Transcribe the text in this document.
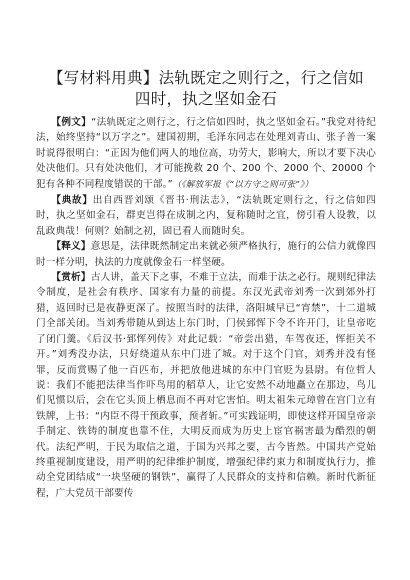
【写材料用典】法轨既定之则行之，行之信如
四时，执之坚如金石

【例文】“法轨既定之则行之，行之信如四时，执之坚如金石。”我党对待纪法，始终坚持“以万字之”。建国初期，毛泽东同志在处理刘青山、张子善一案时说得很明白：“正因为他们两人的地位高，功劳大，影响大，所以才要下决心处决他们。只有处决他们，才可能挽救 20 个、200 个、2000 个、20000 个犯有各种不同程度错误的干部。”（《解放军报《“以方守之则可张”》）

【典故】出自西晋刘颂《晋书·刑法志》，“法轨既定则行之，行之信如四时，执之坚如金石，群吏岂得在成制之内，复称随时之宜，傍引看人设教，以乱政典哉！何则？始制之初，固已看人而随时矣。

【释义】意思是，法律既然制定出来就必须严格执行，施行的公信力就像四时一样分明，执法的力度就像金石一样坚硬。

【赏析】古人讲，盖天下之事，不难于立法，而难于法之必行。规则纪律法令制度，是社会有秩序、国家有力量的前提。东汉光武帝刘秀一次到郊外打猎，返回时已是夜静更深了。按照当时的法律，洛阳城早已“宵禁”，十二道城门全部关闭。当刘秀带随从到达上东门时，门侯郅恽下令不许开门，让皇帝吃了闭门羹。《后汉书·郅恽列传》对此记载：“帝尝出猎，车驾夜还，恽拒关不开。”刘秀没办法，只好绕道从东中门进了城。对于这个门官，刘秀并没有怪罪，反而赏赐了他一百匹布，并把放他进城的东中门官贬为县尉。有位哲人说：我们不能把法律当作吓鸟用的稻草人，让它安然不动地矗立在那边，鸟儿们见惯以后，会在它头顶上栖息而不再对它害怕。明太祖朱元璋曾在宫门立有铁牌，上书：“内臣不得干预政事，预者斩。”可实践证明，即使这样开国皇帝亲手制定、铁铸的制度也靠不住，大明反而成为历史上宦官祸害最为酷烈的朝代。法纪严明，于民为取信之道，于国为兴邦之要，古今皆然。中国共产党始终重视制度建设，用严明的纪律维护制度，增强纪律约束力和制度执行力，推动全党团结成“一块坚硬的钢铁”，赢得了人民群众的支持和信赖。新时代新征程，广大党员干部要传
